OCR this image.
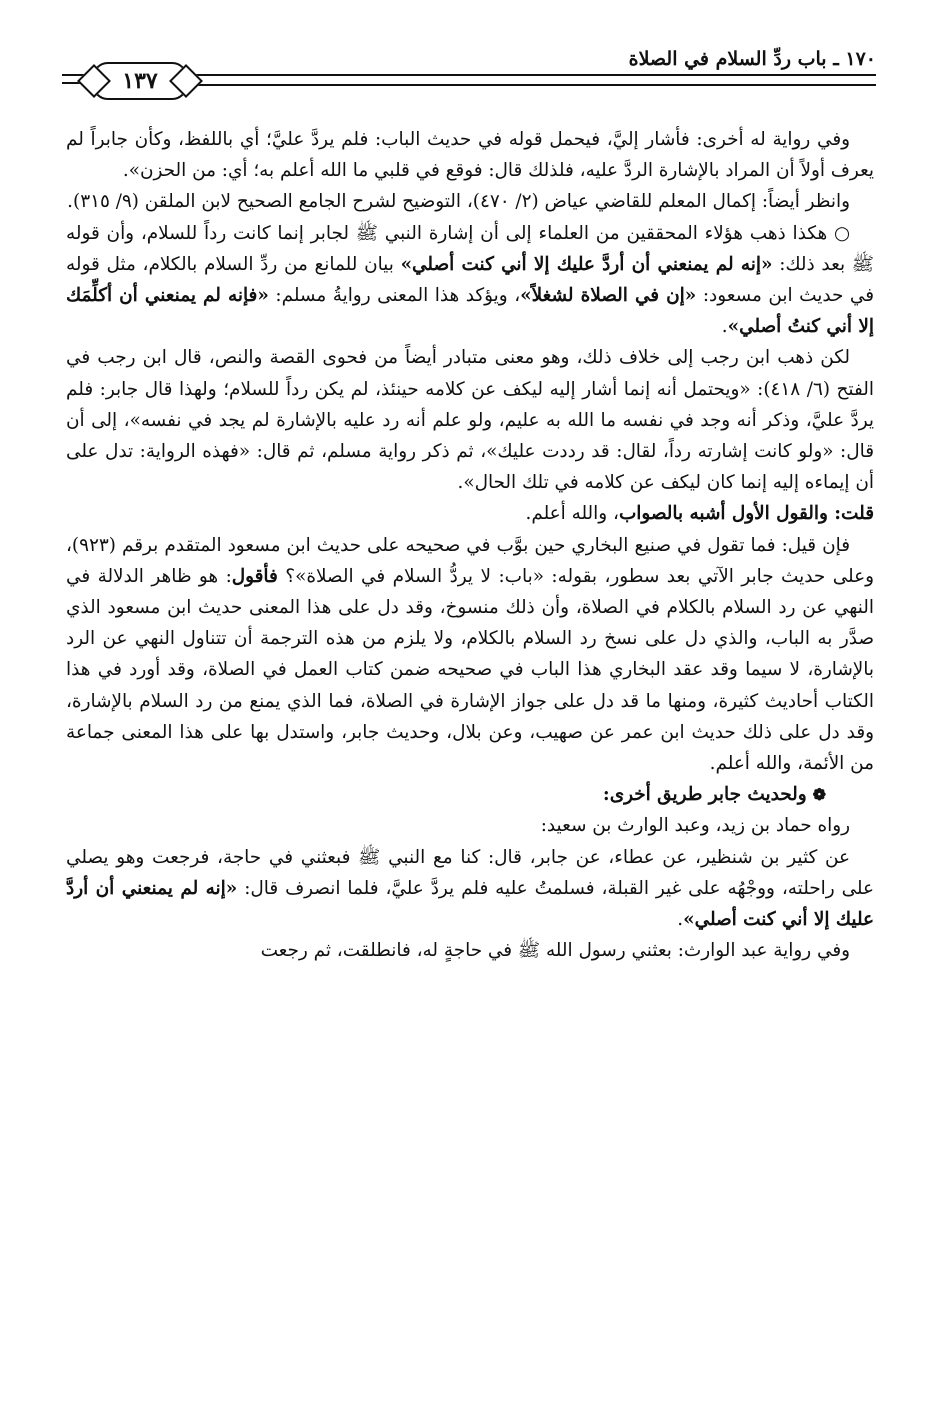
١٧٠ ـ باب ردِّ السلام في الصلاة
١٣٧

وفي رواية له أخرى: فأشار إليَّ، فيحمل قوله في حديث الباب: فلم يردَّ عليَّ؛ أي باللفظ، وكأن جابراً لم يعرف أولاً أن المراد بالإشارة الردَّ عليه، فلذلك قال: فوقع في قلبي ما الله أعلم به؛ أي: من الحزن».

وانظر أيضاً: إكمال المعلم للقاضي عياض (٢/ ٤٧٠)، التوضيح لشرح الجامع الصحيح لابن الملقن (٩/ ٣١٥).

○ هكذا ذهب هؤلاء المحققين من العلماء إلى أن إشارة النبي ﷺ لجابر إنما كانت رداً للسلام، وأن قوله ﷺ بعد ذلك: «إنه لم يمنعني أن أردَّ عليك إلا أني كنت أصلي» بيان للمانع من ردِّ السلام بالكلام، مثل قوله في حديث ابن مسعود: «إن في الصلاة لشغلاً»، ويؤكد هذا المعنى روايةُ مسلم: «فإنه لم يمنعني أن أكلِّمَك إلا أني كنتُ أصلي».

لكن ذهب ابن رجب إلى خلاف ذلك، وهو معنى متبادر أيضاً من فحوى القصة والنص، قال ابن رجب في الفتح (٦/ ٤١٨): «ويحتمل أنه إنما أشار إليه ليكف عن كلامه حينئذ، لم يكن رداً للسلام؛ ولهذا قال جابر: فلم يردَّ عليَّ، وذكر أنه وجد في نفسه ما الله به عليم، ولو علم أنه رد عليه بالإشارة لم يجد في نفسه»، إلى أن قال: «ولو كانت إشارته رداً، لقال: قد رددت عليك»، ثم ذكر رواية مسلم، ثم قال: «فهذه الرواية: تدل على أن إيماءه إليه إنما كان ليكف عن كلامه في تلك الحال».

قلت: والقول الأول أشبه بالصواب، والله أعلم.

فإن قيل: فما تقول في صنيع البخاري حين بوَّب في صحيحه على حديث ابن مسعود المتقدم برقم (٩٢٣)، وعلى حديث جابر الآتي بعد سطور، بقوله: «باب: لا يردُّ السلام في الصلاة»؟ فأقول: هو ظاهر الدلالة في النهي عن رد السلام بالكلام في الصلاة، وأن ذلك منسوخ، وقد دل على هذا المعنى حديث ابن مسعود الذي صدَّر به الباب، والذي دل على نسخ رد السلام بالكلام، ولا يلزم من هذه الترجمة أن تتناول النهي عن الرد بالإشارة، لا سيما وقد عقد البخاري هذا الباب في صحيحه ضمن كتاب العمل في الصلاة، وقد أورد في هذا الكتاب أحاديث كثيرة، ومنها ما قد دل على جواز الإشارة في الصلاة، فما الذي يمنع من رد السلام بالإشارة، وقد دل على ذلك حديث ابن عمر عن صهيب، وعن بلال، وحديث جابر، واستدل بها على هذا المعنى جماعة من الأئمة، والله أعلم.

❁ولحديث جابر طريق أخرى:

رواه حماد بن زيد، وعبد الوارث بن سعيد:

عن كثير بن شنظير، عن عطاء، عن جابر، قال: كنا مع النبي ﷺ فبعثني في حاجة، فرجعت وهو يصلي على راحلته، ووجْهُه على غير القبلة، فسلمتُ عليه فلم يردَّ عليَّ، فلما انصرف قال: «إنه لم يمنعني أن أردَّ عليك إلا أني كنت أصلي».

وفي رواية عبد الوارث: بعثني رسول الله ﷺ في حاجةٍ له، فانطلقت، ثم رجعت
